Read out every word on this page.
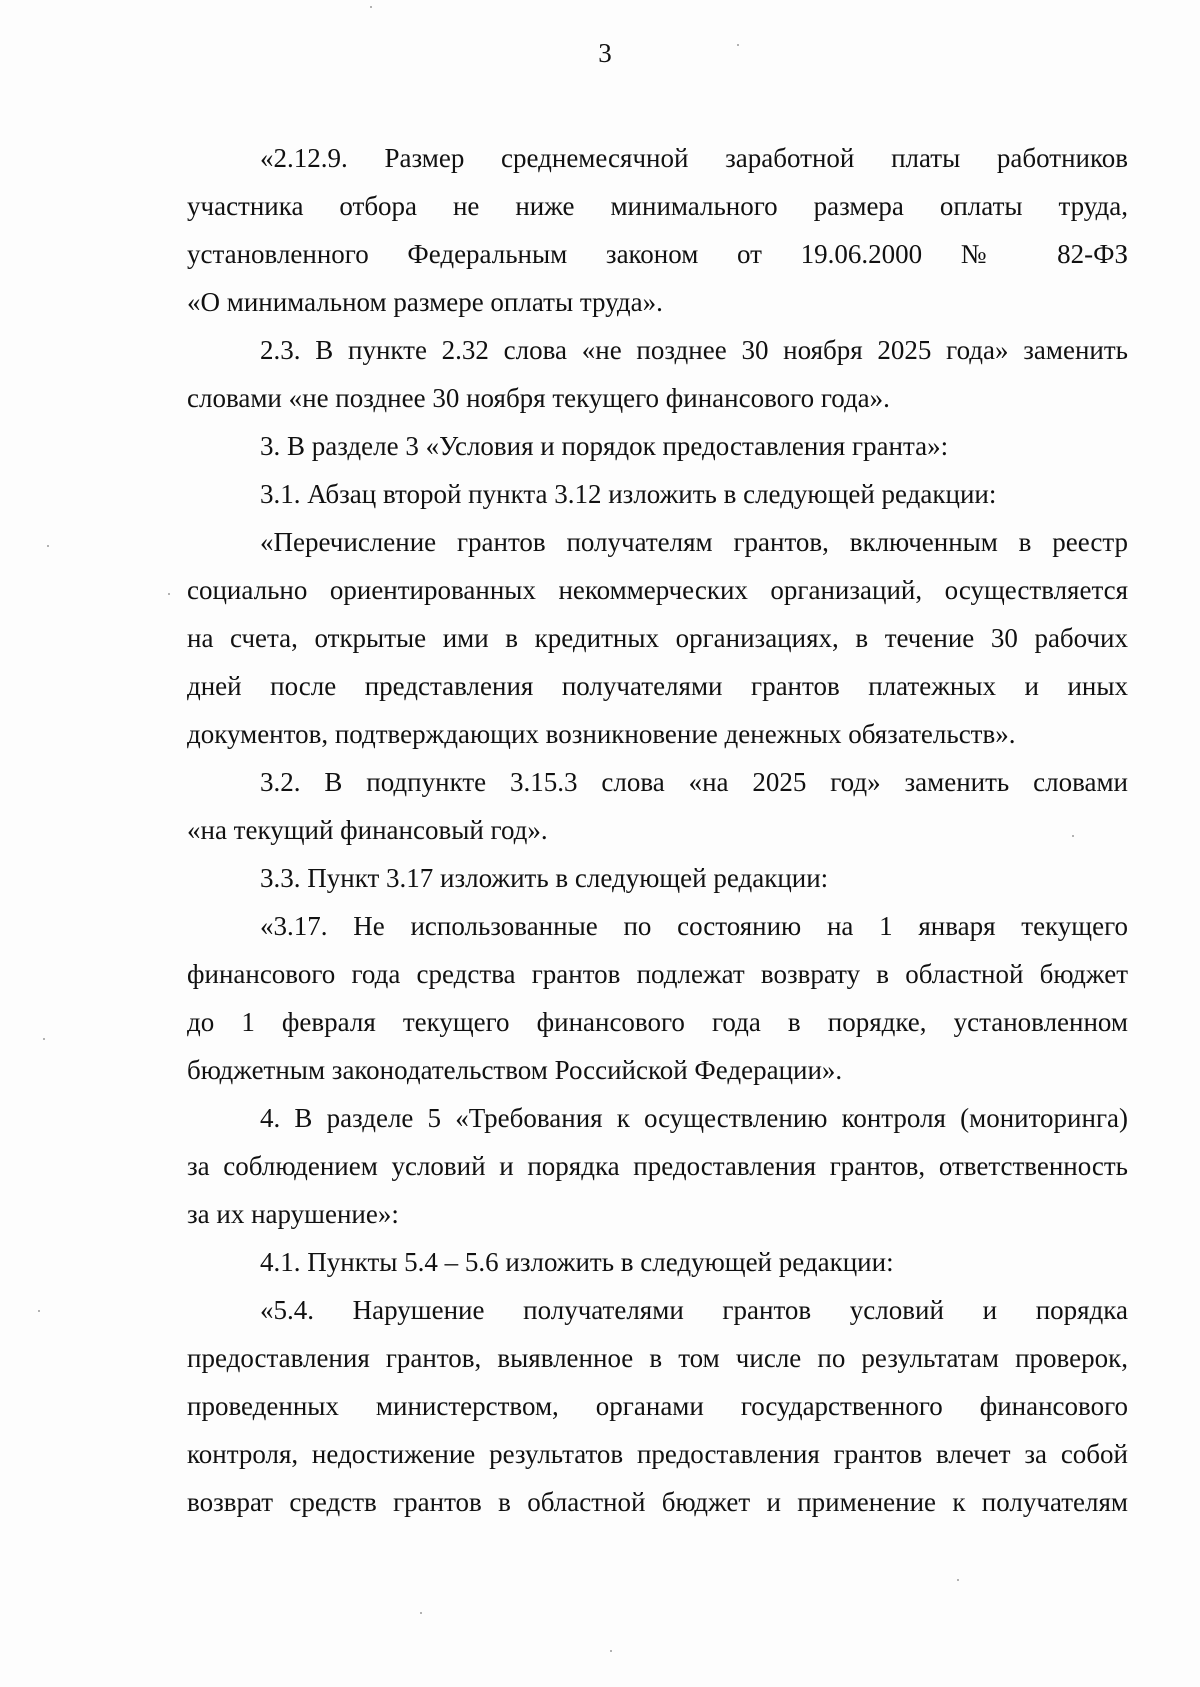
3
«2.12.9. Размер среднемесячной заработной платы работников
участника отбора не ниже минимального размера оплаты труда,
установленного Федеральным законом от 19.06.2000 № 82-ФЗ
«О минимальном размере оплаты труда».
2.3. В пункте 2.32 слова «не позднее 30 ноября 2025 года» заменить
словами «не позднее 30 ноября текущего финансового года».
3. В разделе 3 «Условия и порядок предоставления гранта»:
3.1. Абзац второй пункта 3.12 изложить в следующей редакции:
«Перечисление грантов получателям грантов, включенным в реестр
социально ориентированных некоммерческих организаций, осуществляется
на счета, открытые ими в кредитных организациях, в течение 30 рабочих
дней после представления получателями грантов платежных и иных
документов, подтверждающих возникновение денежных обязательств».
3.2. В подпункте 3.15.3 слова «на 2025 год» заменить словами
«на текущий финансовый год».
3.3. Пункт 3.17 изложить в следующей редакции:
«3.17. Не использованные по состоянию на 1 января текущего
финансового года средства грантов подлежат возврату в областной бюджет
до 1 февраля текущего финансового года в порядке, установленном
бюджетным законодательством Российской Федерации».
4. В разделе 5 «Требования к осуществлению контроля (мониторинга)
за соблюдением условий и порядка предоставления грантов, ответственность
за их нарушение»:
4.1. Пункты 5.4 – 5.6 изложить в следующей редакции:
«5.4. Нарушение получателями грантов условий и порядка
предоставления грантов, выявленное в том числе по результатам проверок,
проведенных министерством, органами государственного финансового
контроля, недостижение результатов предоставления грантов влечет за собой
возврат средств грантов в областной бюджет и применение к получателям
